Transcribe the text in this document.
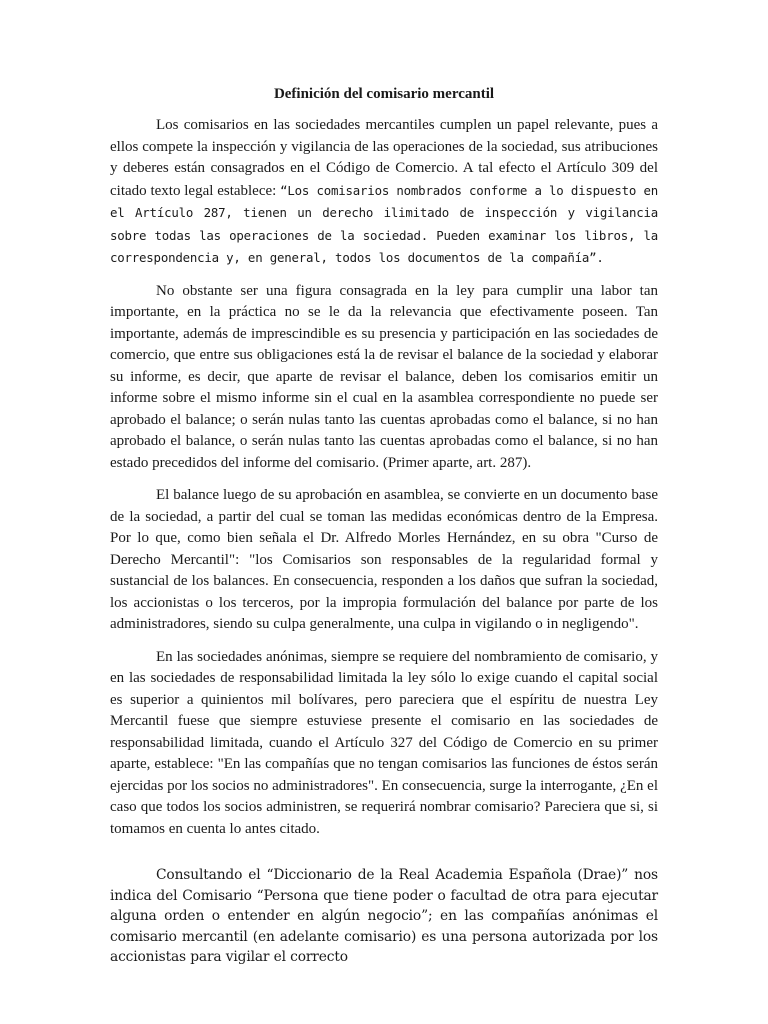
Definición del comisario mercantil

Los comisarios en las sociedades mercantiles cumplen un papel relevante, pues a ellos compete la inspección y vigilancia de las operaciones de la sociedad, sus atribuciones y deberes están consagrados en el Código de Comercio. A tal efecto el Artículo 309 del citado texto legal establece: “Los comisarios nombrados conforme a lo dispuesto en el Artículo 287, tienen un derecho ilimitado de inspección y vigilancia sobre todas las operaciones de la sociedad. Pueden examinar los libros, la correspondencia y, en general, todos los documentos de la compañía”.

No obstante ser una figura consagrada en la ley para cumplir una labor tan importante, en la práctica no se le da la relevancia que efectivamente poseen. Tan importante, además de imprescindible es su presencia y participación en las sociedades de comercio, que entre sus obligaciones está la de revisar el balance de la sociedad y elaborar su informe, es decir, que aparte de revisar el balance, deben los comisarios emitir un informe sobre el mismo informe sin el cual en la asamblea correspondiente no puede ser aprobado el balance; o serán nulas tanto las cuentas aprobadas como el balance, si no han aprobado el balance, o serán nulas tanto las cuentas aprobadas como el balance, si no han estado precedidos del informe del comisario. (Primer aparte, art. 287).

El balance luego de su aprobación en asamblea, se convierte en un documento base de la sociedad, a partir del cual se toman las medidas económicas dentro de la Empresa. Por lo que, como bien señala el Dr. Alfredo Morles Hernández, en su obra "Curso de Derecho Mercantil": "los Comisarios son responsables de la regularidad formal y sustancial de los balances. En consecuencia, responden a los daños que sufran la sociedad, los accionistas o los terceros, por la impropia formulación del balance por parte de los administradores, siendo su culpa generalmente, una culpa in vigilando o in negligendo".

En las sociedades anónimas, siempre se requiere del nombramiento de comisario, y en las sociedades de responsabilidad limitada la ley sólo lo exige cuando el capital social es superior a quinientos mil bolívares, pero pareciera que el espíritu de nuestra Ley Mercantil fuese que siempre estuviese presente el comisario en las sociedades de responsabilidad limitada, cuando el Artículo 327 del Código de Comercio en su primer aparte, establece: "En las compañías que no tengan comisarios las funciones de éstos serán ejercidas por los socios no administradores". En consecuencia, surge la interrogante, ¿En el caso que todos los socios administren, se requerirá nombrar comisario? Pareciera que si, si tomamos en cuenta lo antes citado.

Consultando el “Diccionario de la Real Academia Española (Drae)” nos indica del Comisario “Persona que tiene poder o facultad de otra para ejecutar alguna orden o entender en algún negocio”; en las compañías anónimas el comisario mercantil (en adelante comisario) es una persona autorizada por los accionistas para vigilar el correcto
